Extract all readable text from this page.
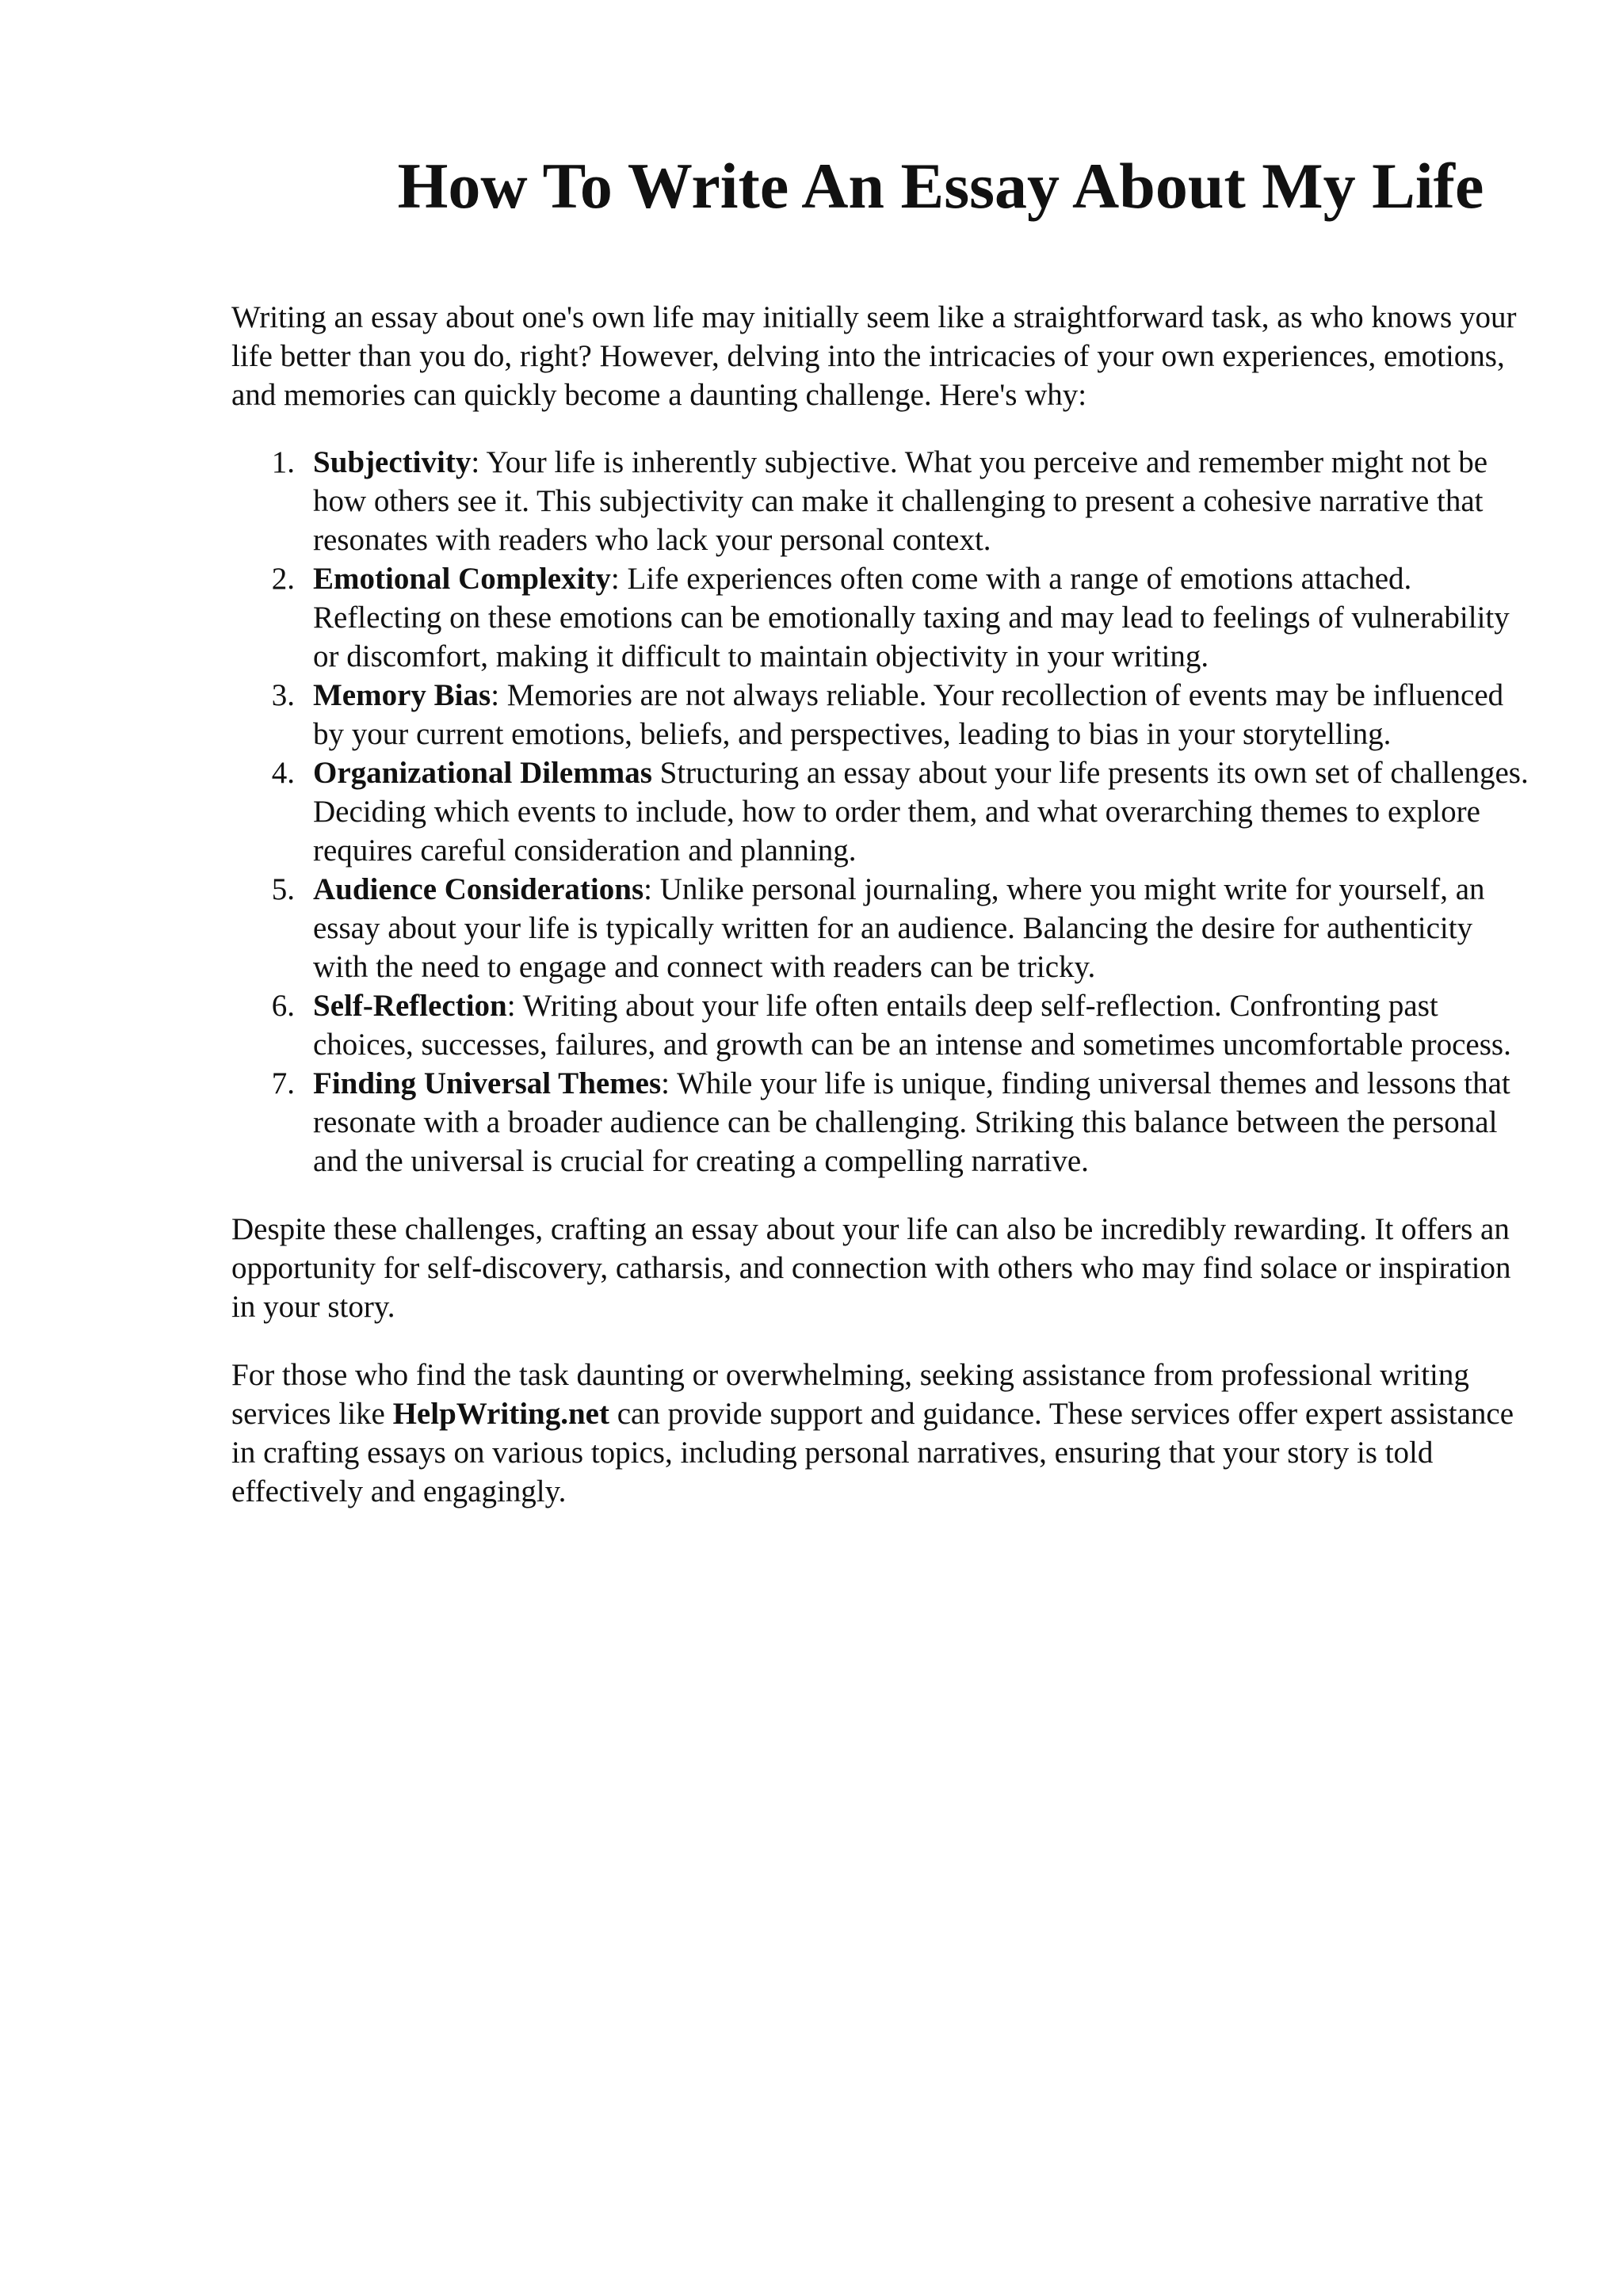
How To Write An Essay About My Life

Writing an essay about one's own life may initially seem like a straightforward task, as who knows your life better than you do, right? However, delving into the intricacies of your own experiences, emotions, and memories can quickly become a daunting challenge. Here's why:

1. Subjectivity: Your life is inherently subjective. What you perceive and remember might not be how others see it. This subjectivity can make it challenging to present a cohesive narrative that resonates with readers who lack your personal context.
2. Emotional Complexity: Life experiences often come with a range of emotions attached. Reflecting on these emotions can be emotionally taxing and may lead to feelings of vulnerability or discomfort, making it difficult to maintain objectivity in your writing.
3. Memory Bias: Memories are not always reliable. Your recollection of events may be influenced by your current emotions, beliefs, and perspectives, leading to bias in your storytelling.
4. Organizational Dilemmas Structuring an essay about your life presents its own set of challenges. Deciding which events to include, how to order them, and what overarching themes to explore requires careful consideration and planning.
5. Audience Considerations: Unlike personal journaling, where you might write for yourself, an essay about your life is typically written for an audience. Balancing the desire for authenticity with the need to engage and connect with readers can be tricky.
6. Self-Reflection: Writing about your life often entails deep self-reflection. Confronting past choices, successes, failures, and growth can be an intense and sometimes uncomfortable process.
7. Finding Universal Themes: While your life is unique, finding universal themes and lessons that resonate with a broader audience can be challenging. Striking this balance between the personal and the universal is crucial for creating a compelling narrative.

Despite these challenges, crafting an essay about your life can also be incredibly rewarding. It offers an opportunity for self-discovery, catharsis, and connection with others who may find solace or inspiration in your story.

For those who find the task daunting or overwhelming, seeking assistance from professional writing services like HelpWriting.net can provide support and guidance. These services offer expert assistance in crafting essays on various topics, including personal narratives, ensuring that your story is told effectively and engagingly.
